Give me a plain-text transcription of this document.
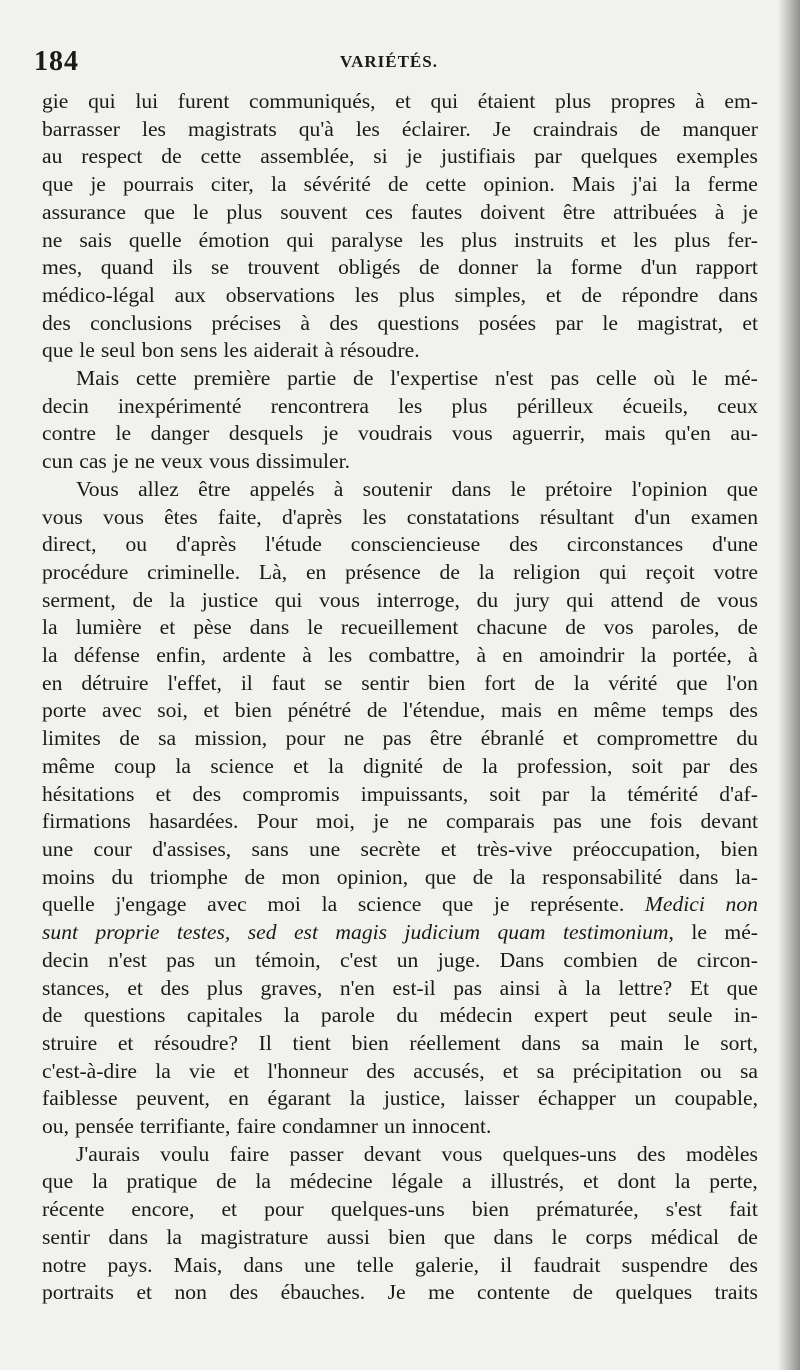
184	VARIÉTÉS.
gie qui lui furent communiqués, et qui étaient plus propres à em-
barrasser les magistrats qu'à les éclairer. Je craindrais de manquer
au respect de cette assemblée, si je justifiais par quelques exemples
que je pourrais citer, la sévérité de cette opinion. Mais j'ai la ferme
assurance que le plus souvent ces fautes doivent être attribuées à je
ne sais quelle émotion qui paralyse les plus instruits et les plus fer-
mes, quand ils se trouvent obligés de donner la forme d'un rapport
médico-légal aux observations les plus simples, et de répondre dans
des conclusions précises à des questions posées par le magistrat, et
que le seul bon sens les aiderait à résoudre.
Mais cette première partie de l'expertise n'est pas celle où le mé-
decin inexpérimenté rencontrera les plus périlleux écueils, ceux
contre le danger desquels je voudrais vous aguerrir, mais qu'en au-
cun cas je ne veux vous dissimuler.
Vous allez être appelés à soutenir dans le prétoire l'opinion que
vous vous êtes faite, d'après les constatations résultant d'un examen
direct, ou d'après l'étude consciencieuse des circonstances d'une
procédure criminelle. Là, en présence de la religion qui reçoit votre
serment, de la justice qui vous interroge, du jury qui attend de vous
la lumière et pèse dans le recueillement chacune de vos paroles, de
la défense enfin, ardente à les combattre, à en amoindrir la portée, à
en détruire l'effet, il faut se sentir bien fort de la vérité que l'on
porte avec soi, et bien pénétré de l'étendue, mais en même temps des
limites de sa mission, pour ne pas être ébranlé et compromettre du
même coup la science et la dignité de la profession, soit par des
hésitations et des compromis impuissants, soit par la témérité d'af-
firmations hasardées. Pour moi, je ne comparais pas une fois devant
une cour d'assises, sans une secrète et très-vive préoccupation, bien
moins du triomphe de mon opinion, que de la responsabilité dans la-
quelle j'engage avec moi la science que je représente. Medici non
sunt proprie testes, sed est magis judicium quam testimonium, le mé-
decin n'est pas un témoin, c'est un juge. Dans combien de circon-
stances, et des plus graves, n'en est-il pas ainsi à la lettre? Et que
de questions capitales la parole du médecin expert peut seule in-
struire et résoudre? Il tient bien réellement dans sa main le sort,
c'est-à-dire la vie et l'honneur des accusés, et sa précipitation ou sa
faiblesse peuvent, en égarant la justice, laisser échapper un coupable,
ou, pensée terrifiante, faire condamner un innocent.
J'aurais voulu faire passer devant vous quelques-uns des modèles
que la pratique de la médecine légale a illustrés, et dont la perte,
récente encore, et pour quelques-uns bien prématurée, s'est fait
sentir dans la magistrature aussi bien que dans le corps médical de
notre pays. Mais, dans une telle galerie, il faudrait suspendre des
portraits et non des ébauches. Je me contente de quelques traits
